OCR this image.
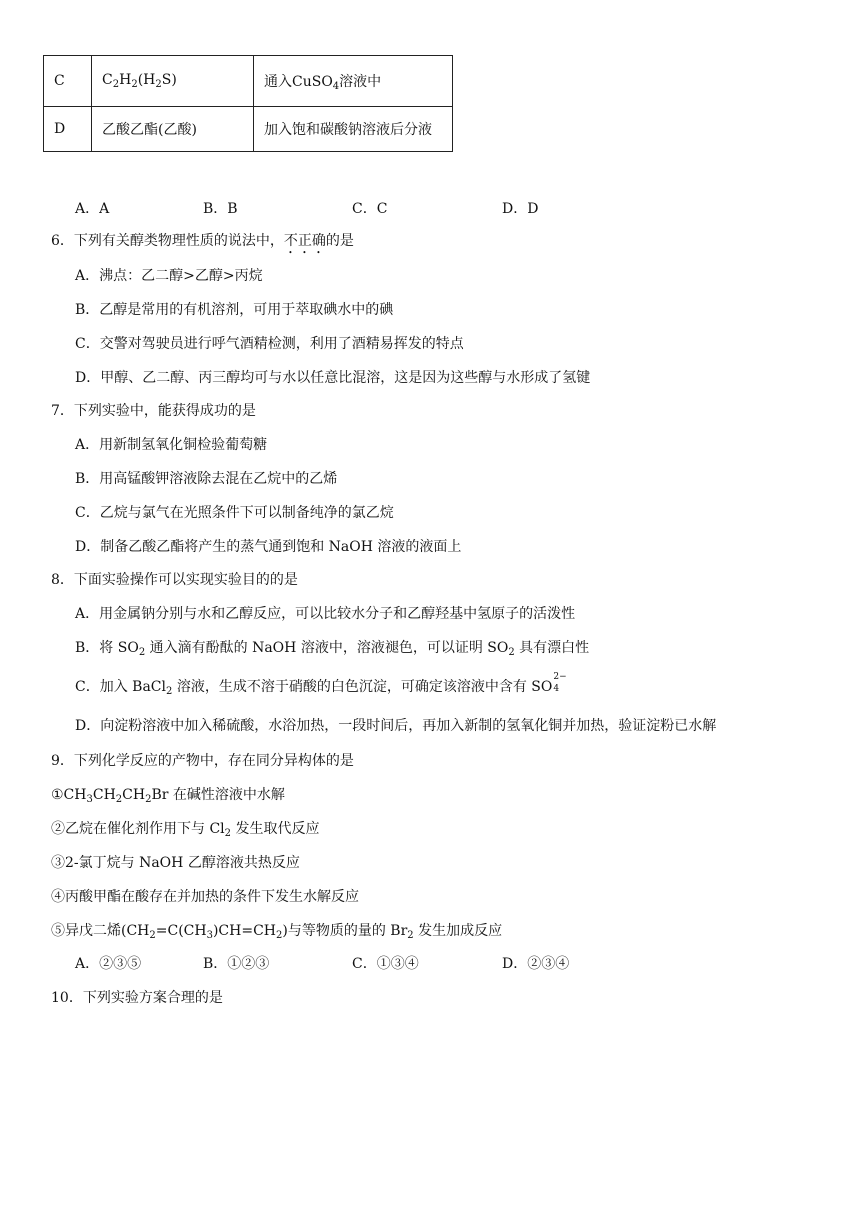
C	$C_2H_2(H_2S)$	通入CuSO$_4$溶液中
D	乙酸乙酯(乙酸)	加入饱和碳酸钠溶液后分液
A．A	B．B	C．C	D．D
6．下列有关醇类物理性质的说法中，不正确的是
A．沸点：乙二醇>乙醇>丙烷
B．乙醇是常用的有机溶剂，可用于萃取碘水中的碘
C．交警对驾驶员进行呼气酒精检测，利用了酒精易挥发的特点
D．甲醇、乙二醇、丙三醇均可与水以任意比混溶，这是因为这些醇与水形成了氢键
7．下列实验中，能获得成功的是
A．用新制氢氧化铜检验葡萄糖
B．用高锰酸钾溶液除去混在乙烷中的乙烯
C．乙烷与氯气在光照条件下可以制备纯净的氯乙烷
D．制备乙酸乙酯将产生的蒸气通到饱和 NaOH 溶液的液面上
8．下面实验操作可以实现实验目的的是
A．用金属钠分别与水和乙醇反应，可以比较水分子和乙醇羟基中氢原子的活泼性
B．将 $SO_2$ 通入滴有酚酞的 NaOH 溶液中，溶液褪色，可以证明 $SO_2$ 具有漂白性
C．加入 BaCl$_2$ 溶液，生成不溶于硝酸的白色沉淀，可确定该溶液中含有 SO
2−
4
D．向淀粉溶液中加入稀硫酸，水浴加热，一段时间后，再加入新制的氢氧化铜并加热，验证淀粉已水解
9．下列化学反应的产物中，存在同分异构体的是
$①CH_3CH_2CH_2Br$ 在碱性溶液中水解
②乙烷在催化剂作用下与 $Cl_2$ 发生取代反应
③2-氯丁烷与 NaOH 乙醇溶液共热反应
④丙酸甲酯在酸存在并加热的条件下发生水解反应
⑤异戊二烯$(CH_2=C(CH_3)CH=CH_2)$与等物质的量的 $Br_2$ 发生加成反应
A．②③⑤	B．①②③	C．①③④	D．②③④
10．下列实验方案合理的是
